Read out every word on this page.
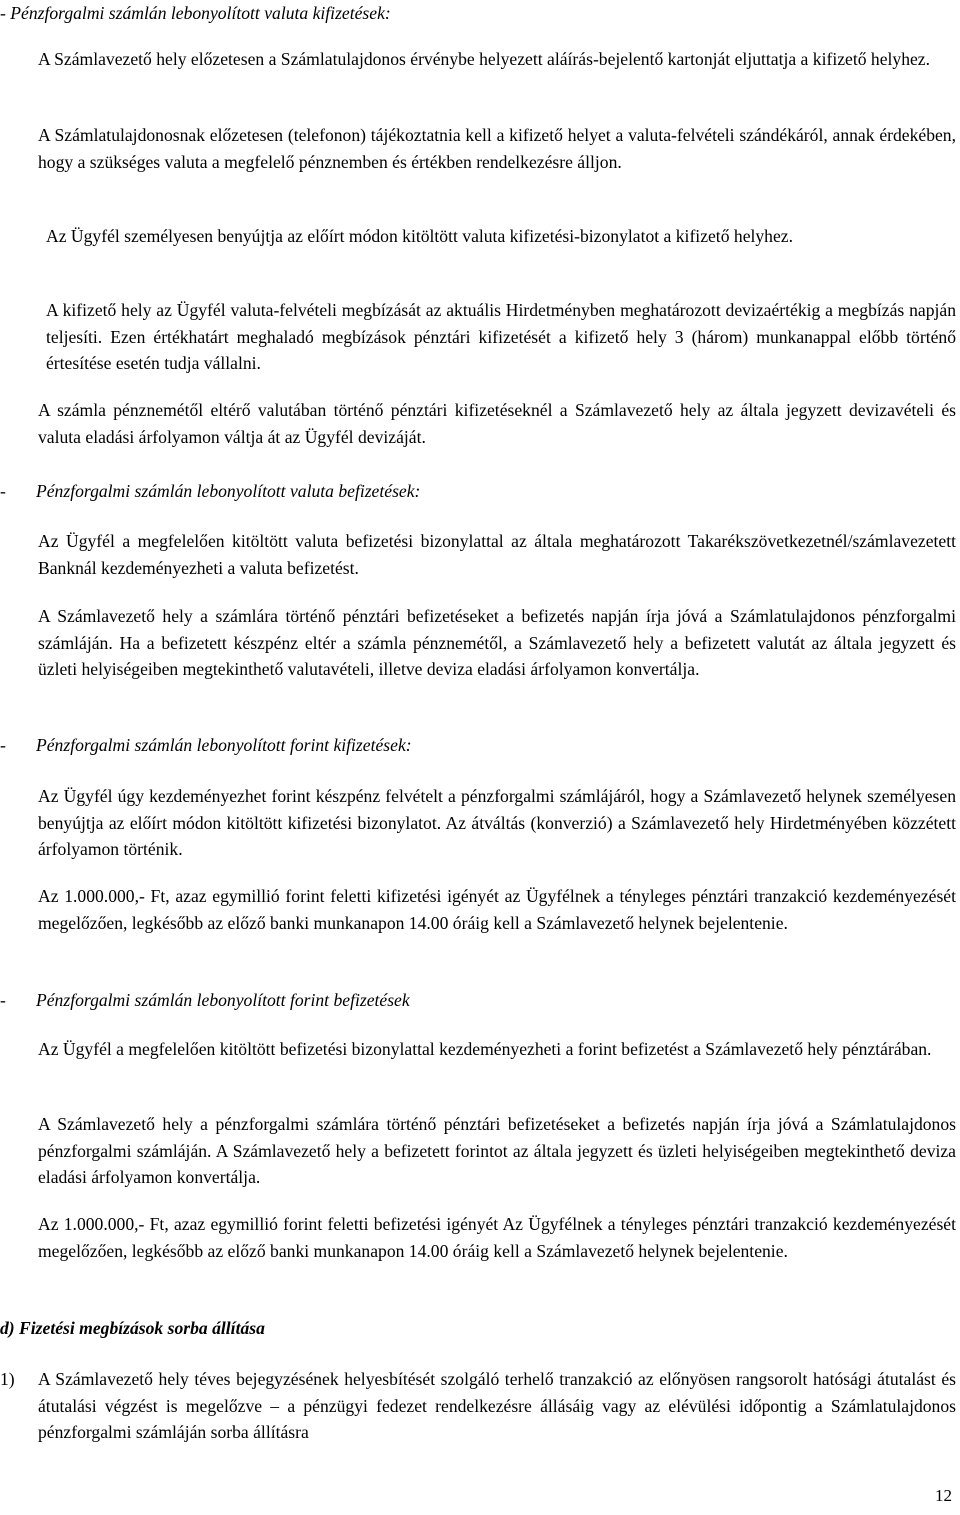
- Pénzforgalmi számlán lebonyolított valuta kifizetések:

A Számlavezető hely előzetesen a Számlatulajdonos érvénybe helyezett aláírás-bejelentő kartonját eljuttatja a kifizető helyhez.

A Számlatulajdonosnak előzetesen (telefonon) tájékoztatnia kell a kifizető helyet a valuta-felvételi szándékáról, annak érdekében, hogy a szükséges valuta a megfelelő pénznemben és értékben rendelkezésre álljon.

Az Ügyfél személyesen benyújtja az előírt módon kitöltött valuta kifizetési-bizonylatot a kifizető helyhez.

A kifizető hely az Ügyfél valuta-felvételi megbízását az aktuális Hirdetményben meghatározott devizaértékig a megbízás napján teljesíti. Ezen értékhatárt meghaladó megbízások pénztári kifizetését a kifizető hely 3 (három) munkanappal előbb történő értesítése esetén tudja vállalni.

A számla pénznemétől eltérő valutában történő pénztári kifizetéseknél a Számlavezető hely az általa jegyzett devizavételi és valuta eladási árfolyamon váltja át az Ügyfél devizáját.

- Pénzforgalmi számlán lebonyolított valuta befizetések:

Az Ügyfél a megfelelően kitöltött valuta befizetési bizonylattal az általa meghatározott Takarékszövetkezetnél/számlavezetett Banknál kezdeményezheti a valuta befizetést.

A Számlavezető hely a számlára történő pénztári befizetéseket a befizetés napján írja jóvá a Számlatulajdonos pénzforgalmi számláján. Ha a befizetett készpénz eltér a számla pénznemétől, a Számlavezető hely a befizetett valutát az általa jegyzett és üzleti helyiségeiben megtekinthető valutavételi, illetve deviza eladási árfolyamon konvertálja.

- Pénzforgalmi számlán lebonyolított forint kifizetések:

Az Ügyfél úgy kezdeményezhet forint készpénz felvételt a pénzforgalmi számlájáról, hogy a Számlavezető helynek személyesen benyújtja az előírt módon kitöltött kifizetési bizonylatot. Az átváltás (konverzió) a Számlavezető hely Hirdetményében közzétett árfolyamon történik.

Az 1.000.000,- Ft, azaz egymillió forint feletti kifizetési igényét az Ügyfélnek a tényleges pénztári tranzakció kezdeményezését megelőzően, legkésőbb az előző banki munkanapon 14.00 óráig kell a Számlavezető helynek bejelentenie.

- Pénzforgalmi számlán lebonyolított forint befizetések

Az Ügyfél a megfelelően kitöltött befizetési bizonylattal kezdeményezheti a forint befizetést a Számlavezető hely pénztárában.

A Számlavezető hely a pénzforgalmi számlára történő pénztári befizetéseket a befizetés napján írja jóvá a Számlatulajdonos pénzforgalmi számláján. A Számlavezető hely a befizetett forintot az általa jegyzett és üzleti helyiségeiben megtekinthető deviza eladási árfolyamon konvertálja.

Az 1.000.000,- Ft, azaz egymillió forint feletti befizetési igényét Az Ügyfélnek a tényleges pénztári tranzakció kezdeményezését megelőzően, legkésőbb az előző banki munkanapon 14.00 óráig kell a Számlavezető helynek bejelentenie.

d) Fizetési megbízások sorba állítása

1) A Számlavezető hely téves bejegyzésének helyesbítését szolgáló terhelő tranzakció az előnyösen rangsorolt hatósági átutalást és átutalási végzést is megelőzve – a pénzügyi fedezet rendelkezésre állásáig vagy az elévülési időpontig a Számlatulajdonos pénzforgalmi számláján sorba állításra

12
